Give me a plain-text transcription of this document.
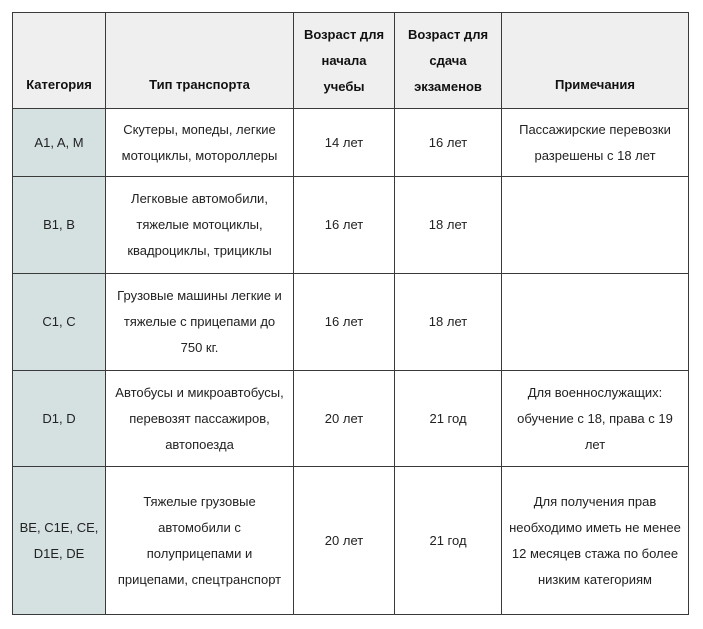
Категория	Тип транспорта	Возраст для начала учебы	Возраст для сдача экзаменов	Примечания
A1, A, M	Скутеры, мопеды, легкие мотоциклы, мотороллеры	14 лет	16 лет	Пассажирские перевозки разрешены с 18 лет
B1, B	Легковые автомобили, тяжелые мотоциклы, квадроциклы, трициклы	16 лет	18 лет	
C1, C	Грузовые машины легкие и тяжелые с прицепами до 750 кг.	16 лет	18 лет	
D1, D	Автобусы и микроавтобусы, перевозят пассажиров, автопоезда	20 лет	21 год	Для военнослужащих: обучение с 18, права с 19 лет
BE, C1E, CE, D1E, DE	Тяжелые грузовые автомобили с полуприцепами и прицепами, спецтранспорт	20 лет	21 год	Для получения прав необходимо иметь не менее 12 месяцев стажа по более низким категориям
